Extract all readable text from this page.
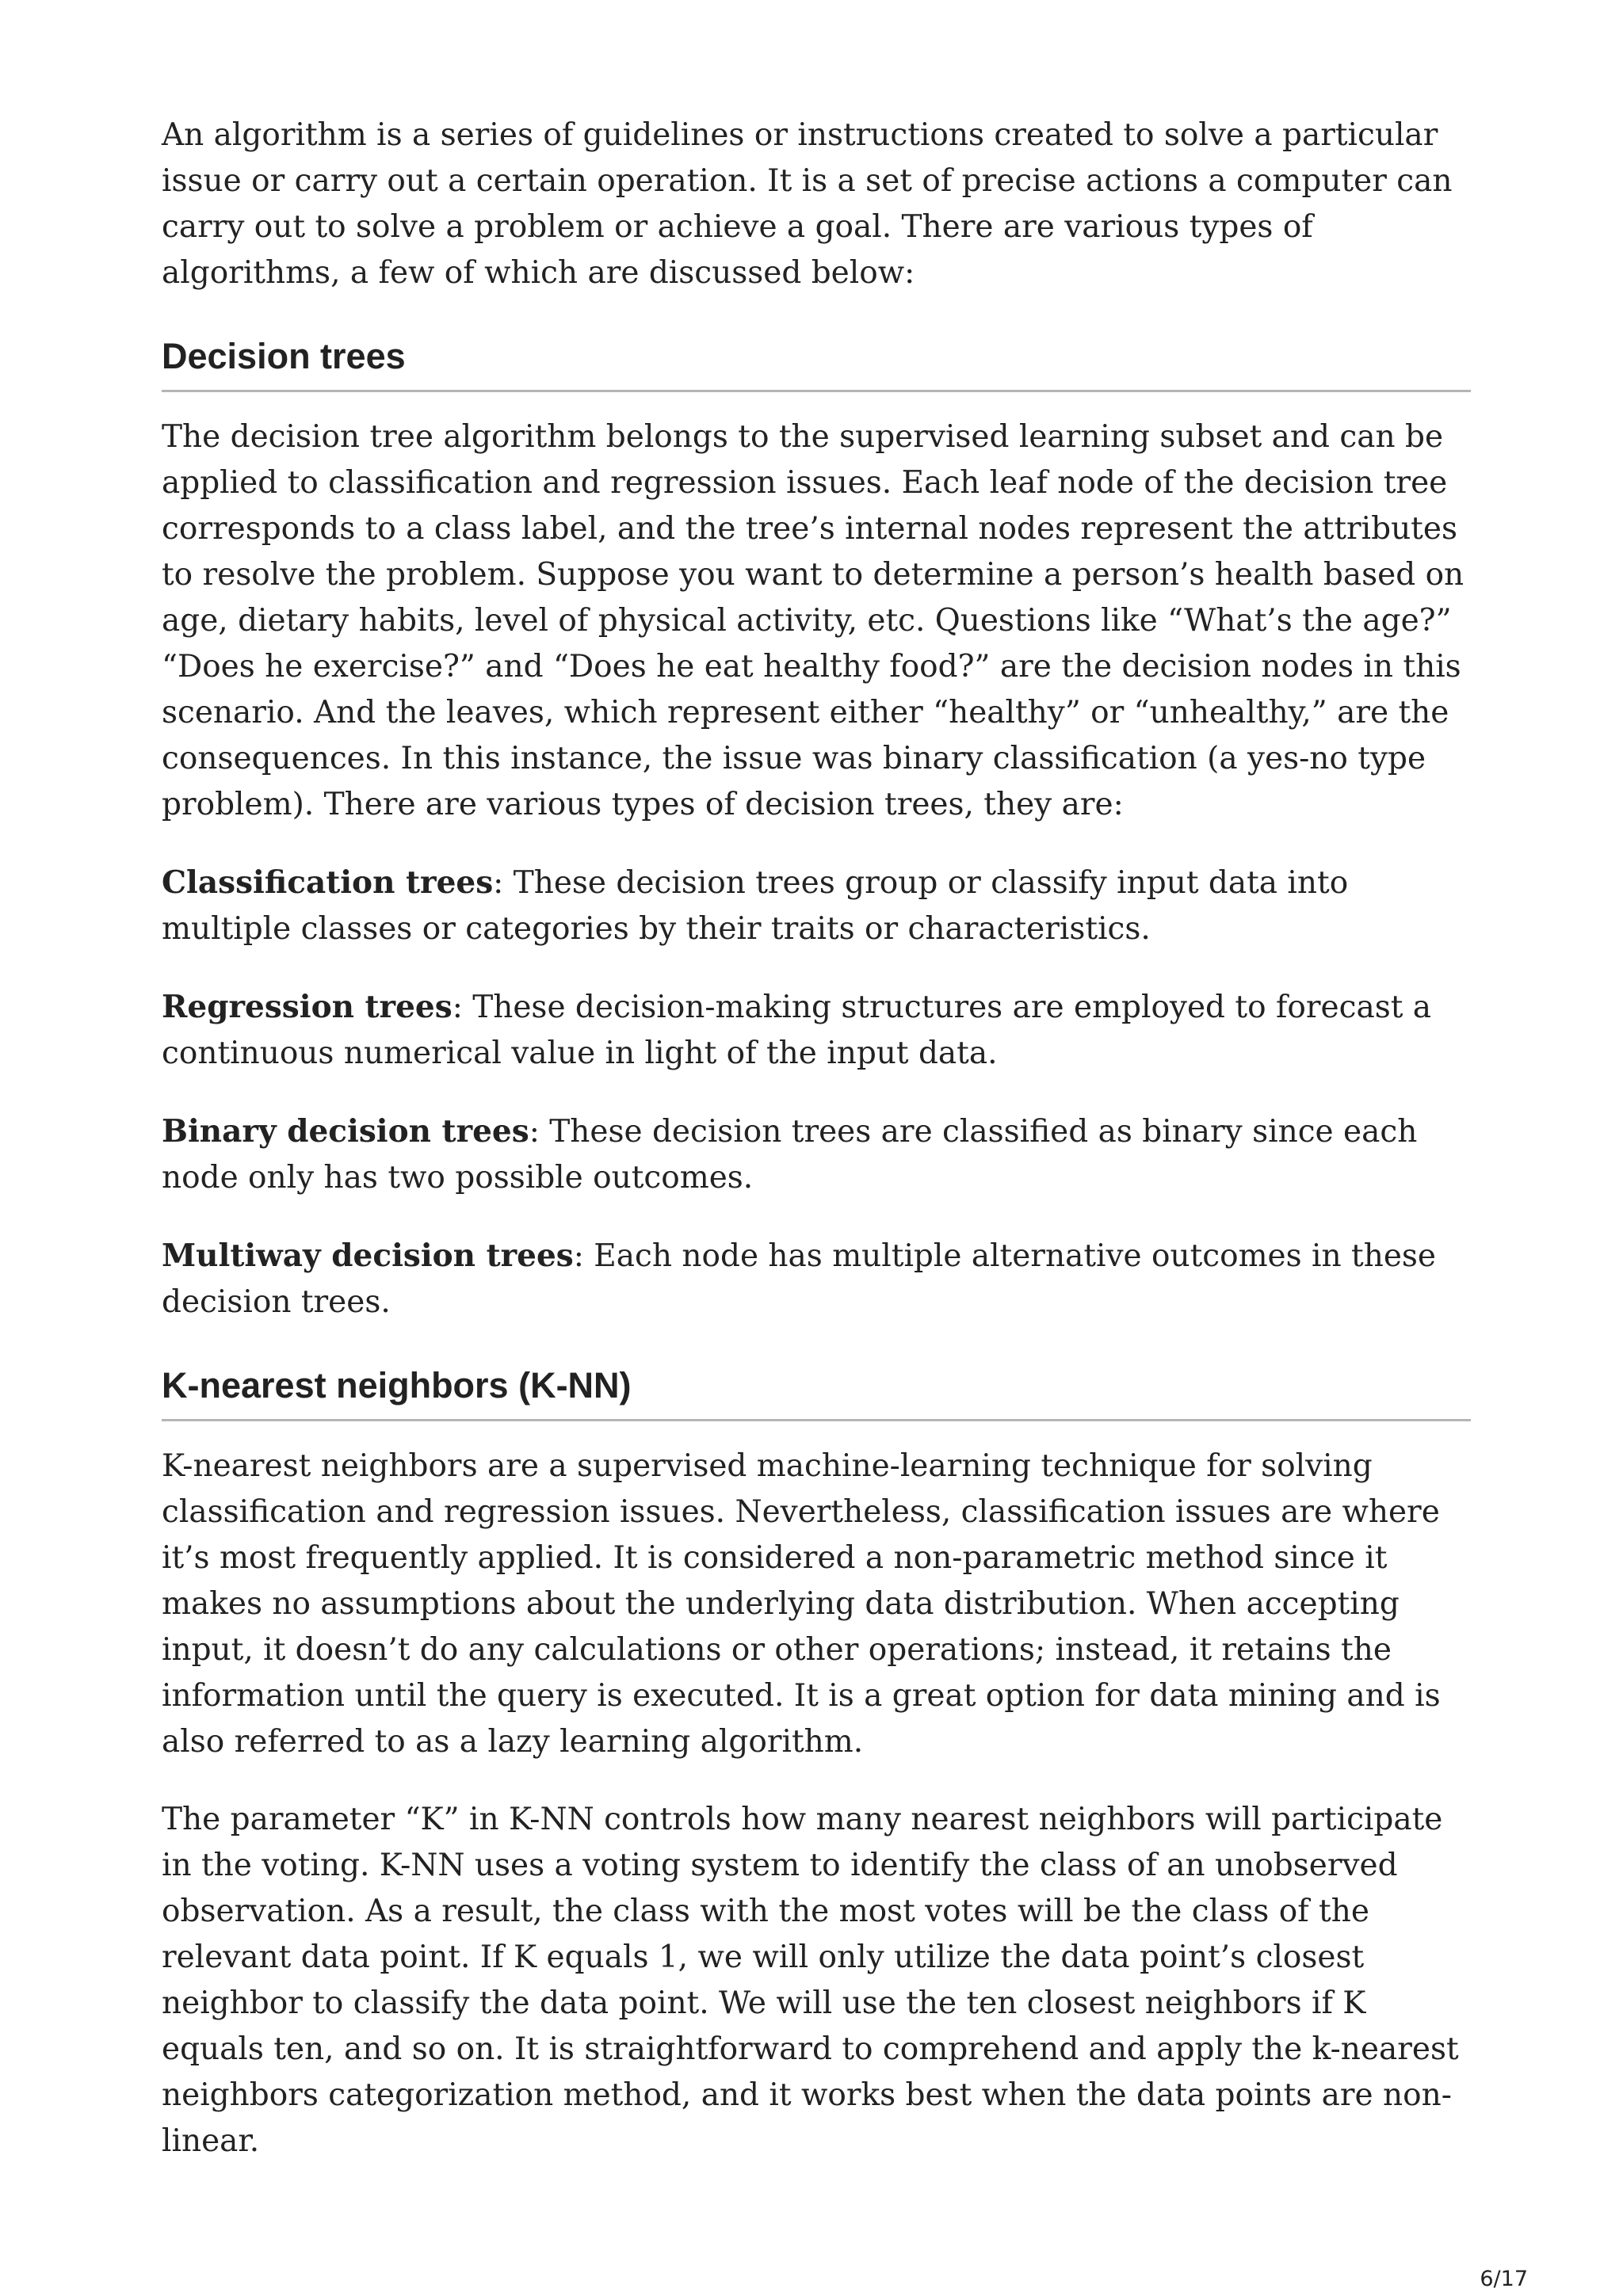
An algorithm is a series of guidelines or instructions created to solve a particular issue or carry out a certain operation. It is a set of precise actions a computer can carry out to solve a problem or achieve a goal. There are various types of algorithms, a few of which are discussed below:

Decision trees

The decision tree algorithm belongs to the supervised learning subset and can be applied to classification and regression issues. Each leaf node of the decision tree corresponds to a class label, and the tree’s internal nodes represent the attributes to resolve the problem. Suppose you want to determine a person’s health based on age, dietary habits, level of physical activity, etc. Questions like “What’s the age?” “Does he exercise?” and “Does he eat healthy food?” are the decision nodes in this scenario. And the leaves, which represent either “healthy” or “unhealthy,” are the consequences. In this instance, the issue was binary classification (a yes-no type problem). There are various types of decision trees, they are:

Classification trees: These decision trees group or classify input data into multiple classes or categories by their traits or characteristics.

Regression trees: These decision-making structures are employed to forecast a continuous numerical value in light of the input data.

Binary decision trees: These decision trees are classified as binary since each node only has two possible outcomes.

Multiway decision trees: Each node has multiple alternative outcomes in these decision trees.

K-nearest neighbors (K-NN)

K-nearest neighbors are a supervised machine-learning technique for solving classification and regression issues. Nevertheless, classification issues are where it’s most frequently applied. It is considered a non-parametric method since it makes no assumptions about the underlying data distribution. When accepting input, it doesn’t do any calculations or other operations; instead, it retains the information until the query is executed. It is a great option for data mining and is also referred to as a lazy learning algorithm.

The parameter “K” in K-NN controls how many nearest neighbors will participate in the voting. K-NN uses a voting system to identify the class of an unobserved observation. As a result, the class with the most votes will be the class of the relevant data point. If K equals 1, we will only utilize the data point’s closest neighbor to classify the data point. We will use the ten closest neighbors if K equals ten, and so on. It is straightforward to comprehend and apply the k-nearest neighbors categorization method, and it works best when the data points are non-linear.

6/17
